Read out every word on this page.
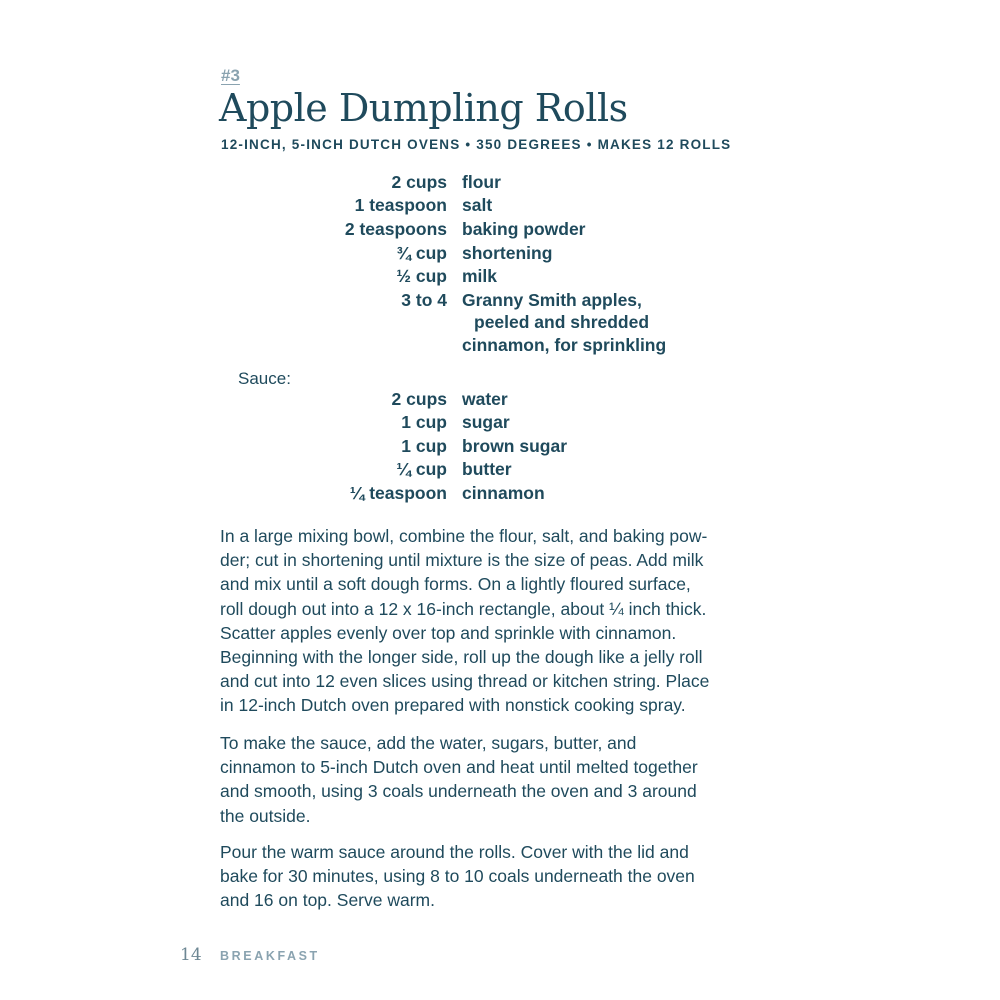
#3
Apple Dumpling Rolls
12-INCH, 5-INCH DUTCH OVENS • 350 DEGREES • MAKES 12 ROLLS
2 cups flour
1 teaspoon salt
2 teaspoons baking powder
¾ cup shortening
½ cup milk
3 to 4 Granny Smith apples,
peeled and shredded
cinnamon, for sprinkling
Sauce:
2 cups water
1 cup sugar
1 cup brown sugar
¼ cup butter
¼ teaspoon cinnamon

In a large mixing bowl, combine the flour, salt, and baking pow-

der; cut in shortening until mixture is the size of peas. Add milk

and mix until a soft dough forms. On a lightly floured surface,

roll dough out into a 12 x 16-inch rectangle, about ¼ inch thick.

Scatter apples evenly over top and sprinkle with cinnamon.

Beginning with the longer side, roll up the dough like a jelly roll

and cut into 12 even slices using thread or kitchen string. Place

in 12-inch Dutch oven prepared with nonstick cooking spray.

To make the sauce, add the water, sugars, butter, and

cinnamon to 5-inch Dutch oven and heat until melted together

and smooth, using 3 coals underneath the oven and 3 around

the outside.

Pour the warm sauce around the rolls. Cover with the lid and

bake for 30 minutes, using 8 to 10 coals underneath the oven

and 16 on top. Serve warm.

14 BREAKFAST
